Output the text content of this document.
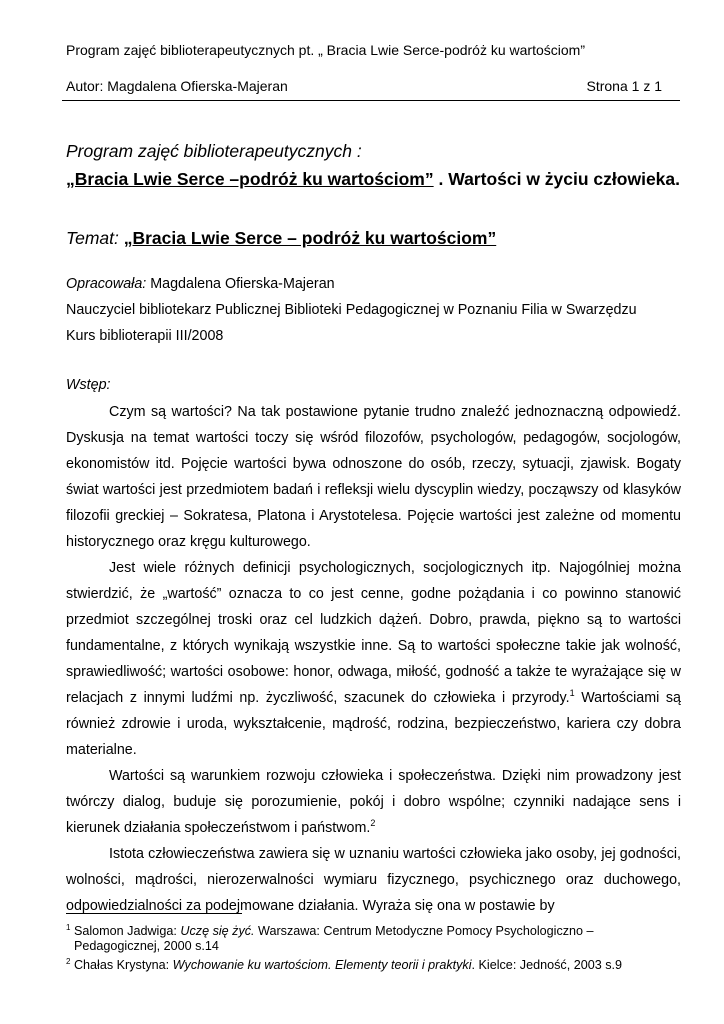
Program zajęć biblioterapeutycznych pt. „ Bracia Lwie Serce-podróż ku wartościom”
Autor: Magdalena Ofierska-Majeran	Strona 1 z 1
Program zajęć biblioterapeutycznych :
„Bracia Lwie Serce –podróż ku wartościom” . Wartości w życiu człowieka.
Temat: „Bracia Lwie Serce – podróż ku wartościom”
Opracowała: Magdalena Ofierska-Majeran
Nauczyciel bibliotekarz Publicznej Biblioteki Pedagogicznej w Poznaniu Filia w Swarzędzu
Kurs biblioterapii III/2008
Wstęp:

Czym są wartości? Na tak postawione pytanie trudno znaleźć jednoznaczną odpowiedź. Dyskusja na temat wartości toczy się wśród filozofów, psychologów, pedagogów, socjologów, ekonomistów itd. Pojęcie wartości bywa odnoszone do osób, rzeczy, sytuacji, zjawisk. Bogaty świat wartości jest przedmiotem badań i refleksji wielu dyscyplin wiedzy, począwszy od klasyków filozofii greckiej – Sokratesa, Platona i Arystotelesa. Pojęcie wartości jest zależne od momentu historycznego oraz kręgu kulturowego.

Jest wiele różnych definicji psychologicznych, socjologicznych itp. Najogólniej można stwierdzić, że „wartość” oznacza to co jest cenne, godne pożądania i co powinno stanowić przedmiot szczególnej troski oraz cel ludzkich dążeń. Dobro, prawda, piękno są to wartości fundamentalne, z których wynikają wszystkie inne. Są to wartości społeczne takie jak wolność, sprawiedliwość; wartości osobowe: honor, odwaga, miłość, godność a także te wyrażające się w relacjach z innymi ludźmi np. życzliwość, szacunek do człowieka i przyrody.$^1$ Wartościami są również zdrowie i uroda, wykształcenie, mądrość, rodzina, bezpieczeństwo, kariera czy dobra materialne.

Wartości są warunkiem rozwoju człowieka i społeczeństwa. Dzięki nim prowadzony jest twórczy dialog, buduje się porozumienie, pokój i dobro wspólne; czynniki nadające sens i kierunek działania społeczeństwom i państwom.$^2$

Istota człowieczeństwa zawiera się w uznaniu wartości człowieka jako osoby, jej godności, wolności, mądrości, nierozerwalności wymiaru fizycznego, psychicznego oraz duchowego, odpowiedzialności za podejmowane działania. Wyraża się ona w postawie by

$^1$ Salomon Jadwiga: Uczę się żyć. Warszawa: Centrum Metodyczne Pomocy Psychologiczno – Pedagogicznej, 2000 s.14

$^2$ Chałas Krystyna: Wychowanie ku wartościom. Elementy teorii i praktyki. Kielce: Jedność, 2003 s.9
